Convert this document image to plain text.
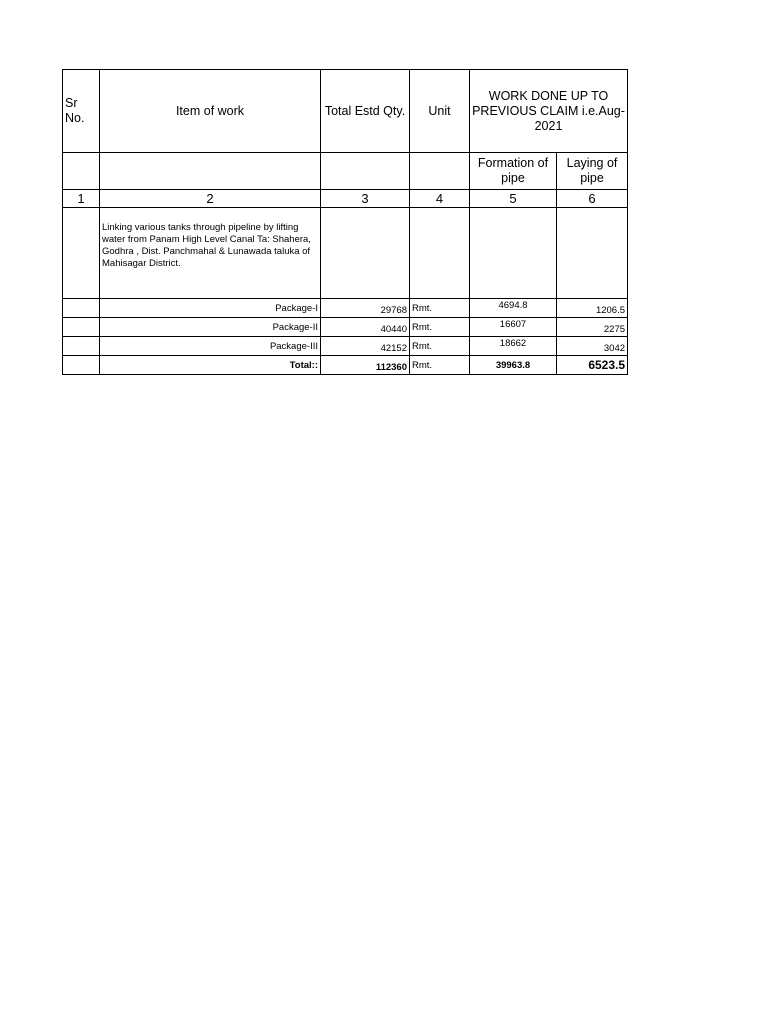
Sr No.	Item of work	Total Estd Qty.	Unit	WORK DONE UP TO PREVIOUS CLAIM i.e.Aug-2021	
				Formation of pipe	Laying of pipe
1	2	3	4	5	6
	Linking various tanks through pipeline by lifting water from Panam High Level Canal Ta: Shahera, Godhra , Dist. Panchmahal & Lunawada taluka of Mahisagar District.				
	Package-I	29768	Rmt.	4694.8	1206.5
	Package-II	40440	Rmt.	16607	2275
	Package-III	42152	Rmt.	18662	3042
	Total::	112360	Rmt.	39963.8	6523.5
